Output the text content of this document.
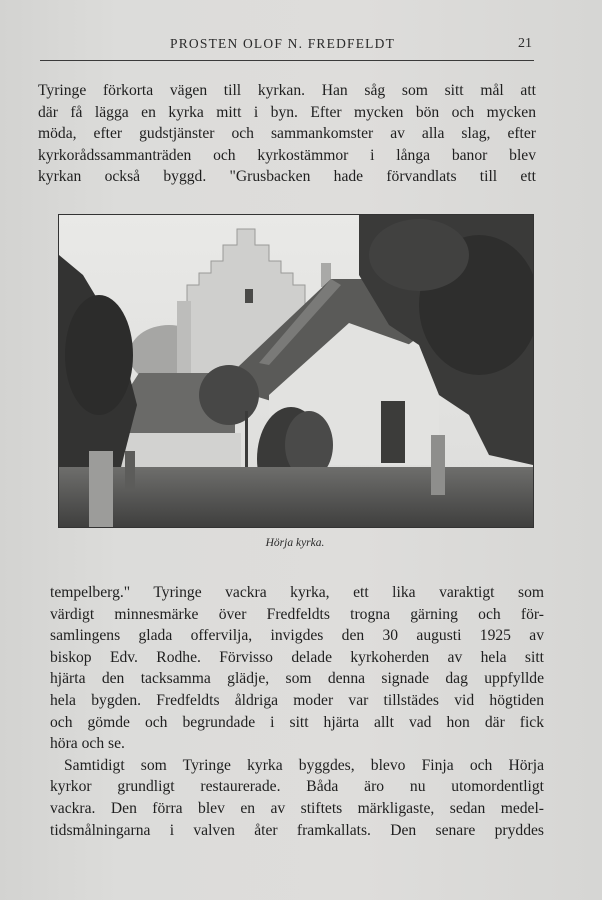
PROSTEN OLOF N. FREDFELDT	21
Tyringe förkorta vägen till kyrkan. Han såg som sitt mål att
där få lägga en kyrka mitt i byn. Efter mycken bön och mycken
möda, efter gudstjänster och sammankomster av alla slag, efter
kyrkorådssammanträden och kyrkostämmor i långa banor blev
kyrkan också byggd. "Grusbacken hade förvandlats till ett
Hörja kyrka.

tempelberg." Tyringe vackra kyrka, ett lika varaktigt som
värdigt minnesmärke över Fredfeldts trogna gärning och för-
samlingens glada offervilja, invigdes den 30 augusti 1925 av
biskop Edv. Rodhe. Förvisso delade kyrkoherden av hela sitt
hjärta den tacksamma glädje, som denna signade dag uppfyllde
hela bygden. Fredfeldts åldriga moder var tillstädes vid högtiden
och gömde och begrundade i sitt hjärta allt vad hon där fick
höra och se.

Samtidigt som Tyringe kyrka byggdes, blevo Finja och Hörja
kyrkor grundligt restaurerade. Båda äro nu utomordentligt
vackra. Den förra blev en av stiftets märkligaste, sedan medel-
tidsmålningarna i valven åter framkallats. Den senare pryddes
